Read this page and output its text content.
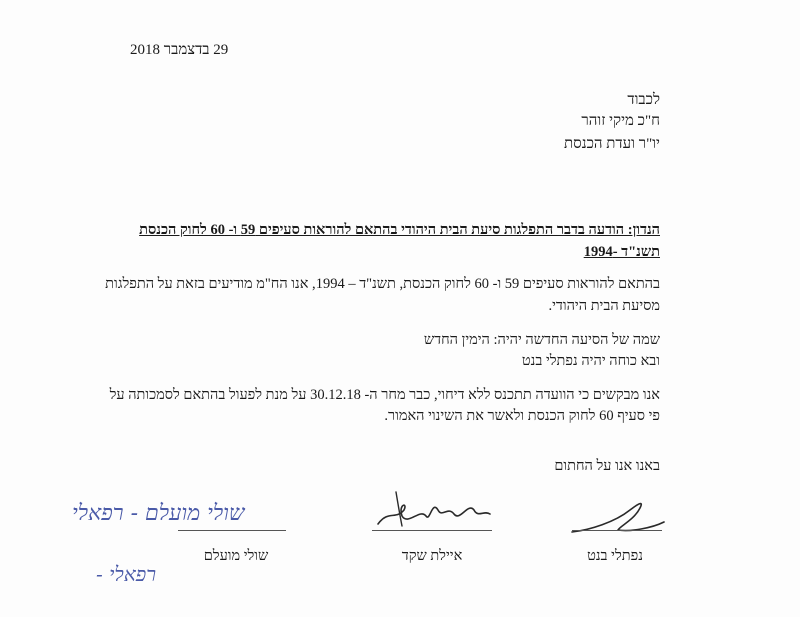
29 בדצמבר 2018
לכבוד
ח"כ מיקי זוהר
יו"ר ועדת הכנסת
הנדון: הודעה בדבר התפלגות סיעת הבית היהודי בהתאם להוראות סעיפים 59 ו- 60 לחוק הכנסת
תשנ"ד -1994
בהתאם להוראות סעיפים 59 ו- 60 לחוק הכנסת, תשנ"ד – 1994, אנו הח"מ מודיעים בזאת על התפלגות
מסיעת הבית היהודי.
שמה של הסיעה החדשה יהיה: הימין החדש
ובא כוחה יהיה נפתלי בנט
אנו מבקשים כי הוועדה תתכנס ללא דיחוי, כבר מחר ה- 30.12.18 על מנת לפעול בהתאם לסמכותה על
פי סעיף 60 לחוק הכנסת ולאשר את השינוי האמור.
באנו אנו על החתום
נפתלי בנט
איילת שקד
שולי מועלם - רפאלי
שולי מועלם
רפאלי -
